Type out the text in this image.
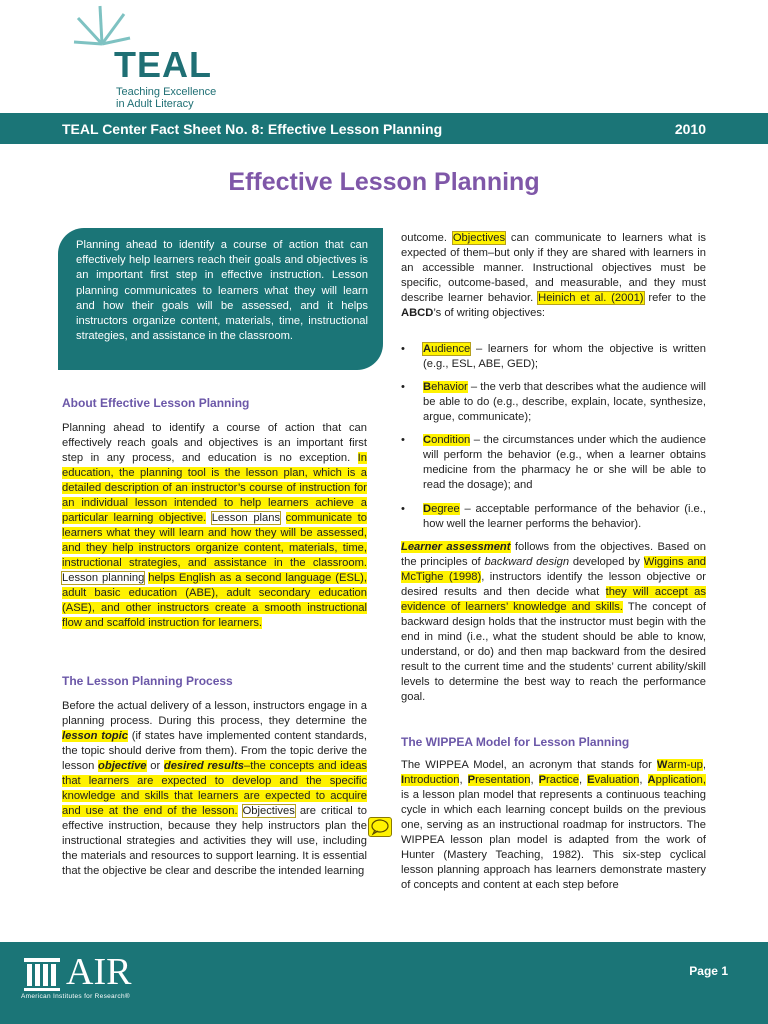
TEAL
Teaching Excellence
in Adult Literacy
TEAL Center Fact Sheet No. 8: Effective Lesson Planning	2010
Effective Lesson Planning

Planning ahead to identify a course of action that can effectively help learners reach their goals and objectives is an important first step in effective instruction. Lesson planning communicates to learners what they will learn and how their goals will be assessed, and it helps instructors organize content, materials, time, instructional strategies, and assistance in the classroom.

About Effective Lesson Planning
Planning ahead to identify a course of action that can effectively reach goals and objectives is an important first step in any process, and education is no exception. In education, the planning tool is the lesson plan, which is a detailed description of an instructor’s course of instruction for an individual lesson intended to help learners achieve a particular learning objective. Lesson plans communicate to learners what they will learn and how they will be assessed, and they help instructors organize content, materials, time, instructional strategies, and assistance in the classroom. Lesson planning helps English as a second language (ESL), adult basic education (ABE), adult secondary education (ASE), and other instructors create a smooth instructional flow and scaffold instruction for learners.
The Lesson Planning Process
Before the actual delivery of a lesson, instructors engage in a planning process. During this process, they determine the lesson topic (if states have implemented content standards, the topic should derive from them). From the topic derive the lesson objective or desired results–the concepts and ideas that learners are expected to develop and the specific knowledge and skills that learners are expected to acquire and use at the end of the lesson. Objectives are critical to effective instruction, because they help instructors plan the instructional strategies and activities they will use, including the materials and resources to support learning. It is essential that the objective be clear and describe the intended learning
outcome. Objectives can communicate to learners what is expected of them–but only if they are shared with learners in an accessible manner. Instructional objectives must be specific, outcome-based, and measurable, and they must describe learner behavior. Heinich et al. (2001) refer to the ABCD’s of writing objectives:
• Audience – learners for whom the objective is written (e.g., ESL, ABE, GED);
• Behavior – the verb that describes what the audience will be able to do (e.g., describe, explain, locate, synthesize, argue, communicate);
• Condition – the circumstances under which the audience will perform the behavior (e.g., when a learner obtains medicine from the pharmacy he or she will be able to read the dosage); and
• Degree – acceptable performance of the behavior (i.e., how well the learner performs the behavior).
Learner assessment follows from the objectives. Based on the principles of backward design developed by Wiggins and McTighe (1998), instructors identify the lesson objective or desired results and then decide what they will accept as evidence of learners’ knowledge and skills. The concept of backward design holds that the instructor must begin with the end in mind (i.e., what the student should be able to know, understand, or do) and then map backward from the desired result to the current time and the students’ current ability/skill levels to determine the best way to reach the performance goal.
The WIPPEA Model for Lesson Planning
The WIPPEA Model, an acronym that stands for Warm-up, Introduction, Presentation, Practice, Evaluation, Application, is a lesson plan model that represents a continuous teaching cycle in which each learning concept builds on the previous one, serving as an instructional roadmap for instructors. The WIPPEA lesson plan model is adapted from the work of Hunter (Mastery Teaching, 1982). This six-step cyclical lesson planning approach has learners demonstrate mastery of concepts and content at each step before
AIR
American Institutes for Research®
Page 1
